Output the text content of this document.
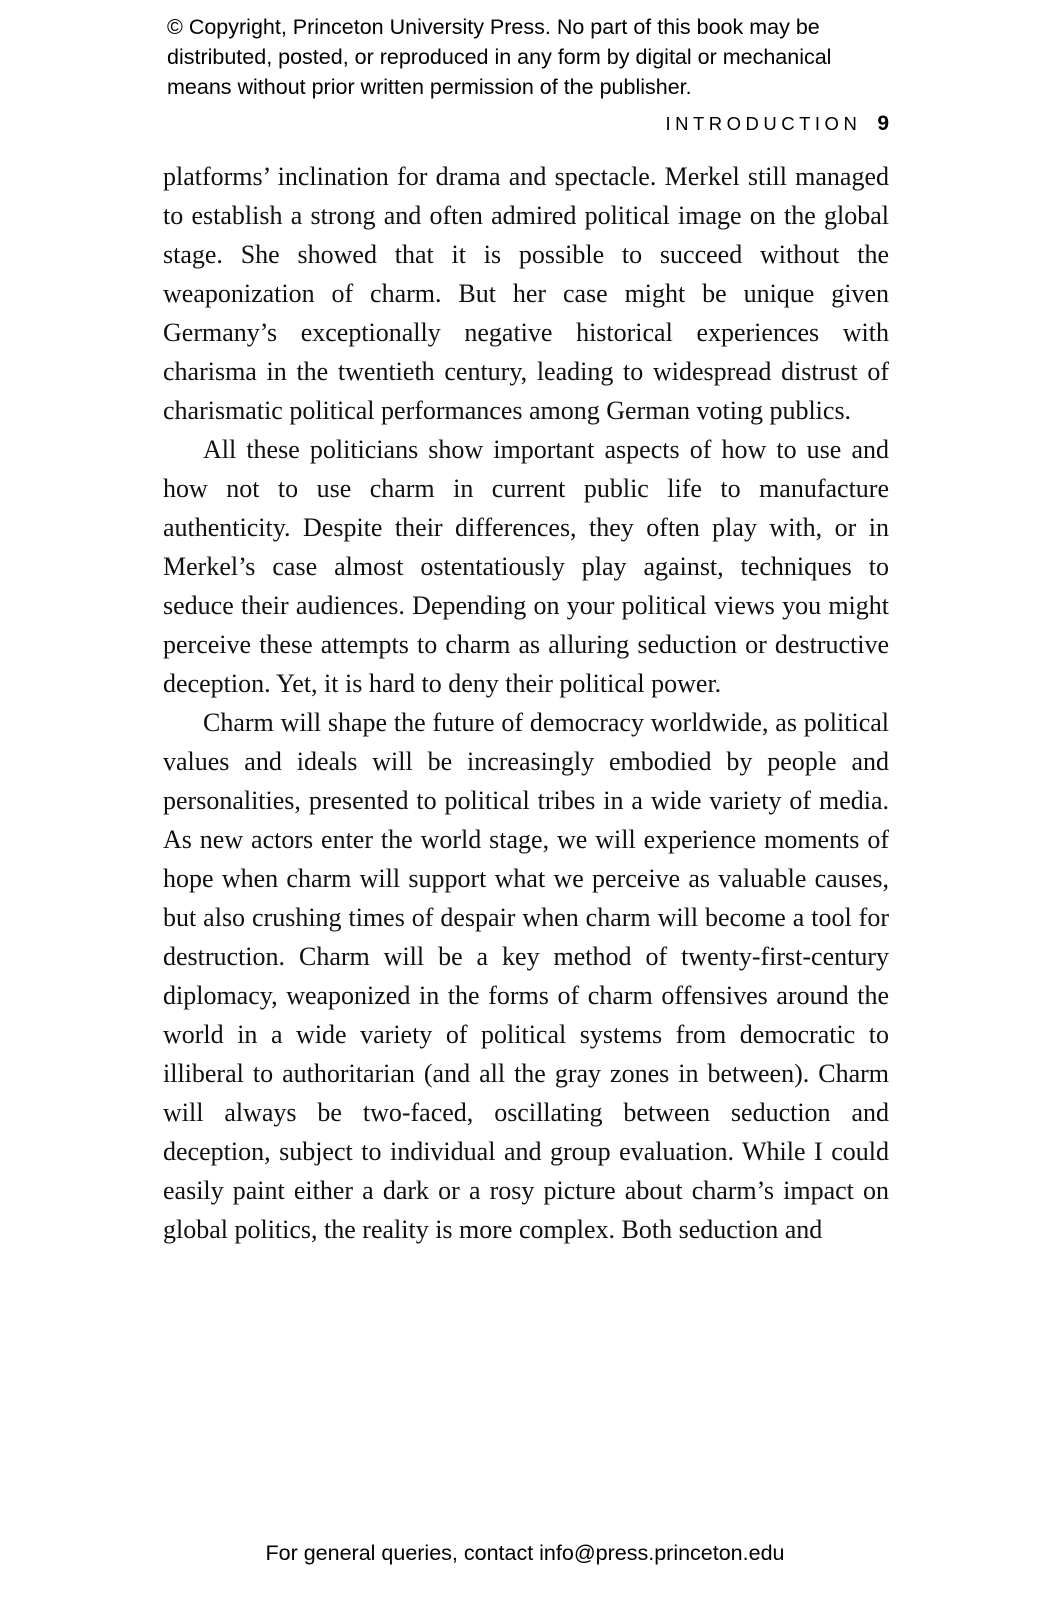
© Copyright, Princeton University Press. No part of this book may be distributed, posted, or reproduced in any form by digital or mechanical means without prior written permission of the publisher.
INTRODUCTION 9

platforms’ inclination for drama and spectacle. Merkel still managed to establish a strong and often admired political image on the global stage. She showed that it is possible to succeed without the weaponization of charm. But her case might be unique given Germany’s exceptionally negative historical experiences with charisma in the twentieth century, leading to widespread distrust of charismatic political performances among German voting publics.

All these politicians show important aspects of how to use and how not to use charm in current public life to manufacture authenticity. Despite their differences, they often play with, or in Merkel’s case almost ostentatiously play against, techniques to seduce their audiences. Depending on your political views you might perceive these attempts to charm as alluring seduction or destructive deception. Yet, it is hard to deny their political power.

Charm will shape the future of democracy worldwide, as political values and ideals will be increasingly embodied by people and personalities, presented to political tribes in a wide variety of media. As new actors enter the world stage, we will experience moments of hope when charm will support what we perceive as valuable causes, but also crushing times of despair when charm will become a tool for destruction. Charm will be a key method of twenty-first-century diplomacy, weaponized in the forms of charm offensives around the world in a wide variety of political systems from democratic to illiberal to authoritarian (and all the gray zones in between). Charm will always be two-faced, oscillating between seduction and deception, subject to individual and group evaluation. While I could easily paint either a dark or a rosy picture about charm’s impact on global politics, the reality is more complex. Both seduction and

For general queries, contact info@press.princeton.edu
